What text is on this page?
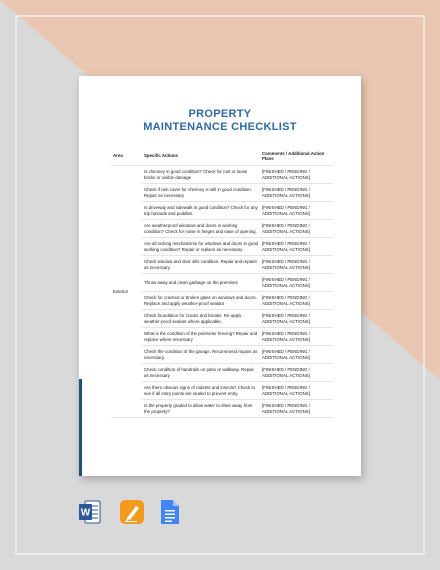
PROPERTY
MAINTENANCE CHECKLIST
Area	Specific Actions	Comments / Additional Action Plans
Exterior	Is chimney in good condition? Check for rust or loose bricks or visible damage	[FINISHED / PENDING / ADDITIONAL ACTIONS]
	Check if rain cover for chimney is still in good condition. Repair as necessary	[FINISHED / PENDING / ADDITIONAL ACTIONS]
	Is driveway and sidewalk in good condition? Check for any trip hazards and puddles.	[FINISHED / PENDING / ADDITIONAL ACTIONS]
	Are weatherproof windows and doors in working condition? Check for noise in hinges and ease of opening.	[FINISHED / PENDING / ADDITIONAL ACTIONS]
	Are all locking mechanisms for windows and doors in good working condition? Repair or replace as necessary.	[FINISHED / PENDING / ADDITIONAL ACTIONS]
	Check window and door sills condition. Repair and repaint as necessary.	[FINISHED / PENDING / ADDITIONAL ACTIONS]
	Throw away and clean garbage on the premises	[FINISHED / PENDING / ADDITIONAL ACTIONS]
	Check for cracked or broken glass on windows and doors. Replace and apply weather-proof sealant	[FINISHED / PENDING / ADDITIONAL ACTIONS]
	Check foundation for cracks and breaks. Re-apply weather-proof sealant where applicable.	[FINISHED / PENDING / ADDITIONAL ACTIONS]
	What is the condition of the perimeter fencing? Repair and replace where necessary	[FINISHED / PENDING / ADDITIONAL ACTIONS]
	Check the condition of the garage. Recommend repairs as necessary.	[FINISHED / PENDING / ADDITIONAL ACTIONS]
	Check condition of handrails on patio or walkway. Repair as necessary	[FINISHED / PENDING / ADDITIONAL ACTIONS]
	Are there obvious signs of rodents and insects? Check to see if all entry points are sealed to prevent entry.	[FINISHED / PENDING / ADDITIONAL ACTIONS]
	Is the property graded to allow water to drain away from the property?	[FINISHED / PENDING / ADDITIONAL ACTIONS]
W
